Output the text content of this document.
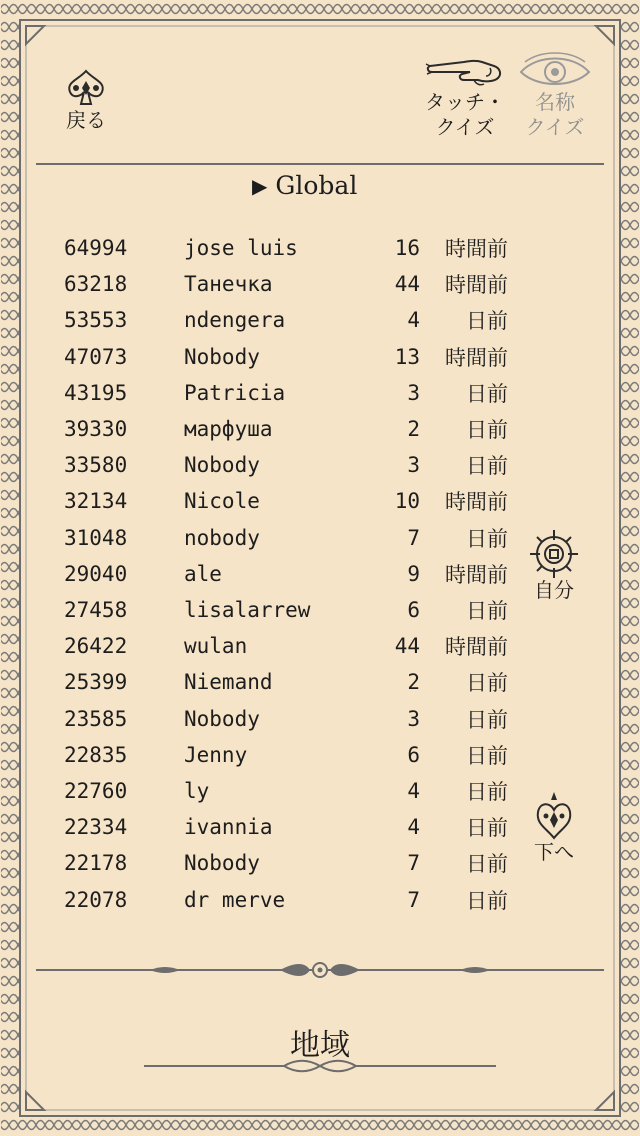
戻る
タッチ・
クイズ
名称
クイズ
▶ Global
64994	jose luis	16	時間前
63218	Танечка	44	時間前
53553	ndengera	4	日前
47073	Nobody	13	時間前
43195	Patricia	3	日前
39330	марфуша	2	日前
33580	Nobody	3	日前
32134	Nicole	10	時間前
31048	nobody	7	日前
29040	ale	9	時間前
27458	lisalarrew	6	日前
26422	wulan	44	時間前
25399	Niemand	2	日前
23585	Nobody	3	日前
22835	Jenny	6	日前
22760	ly	4	日前
22334	ivannia	4	日前
22178	Nobody	7	日前
22078	dr merve	7	日前
自分
下へ
地域
